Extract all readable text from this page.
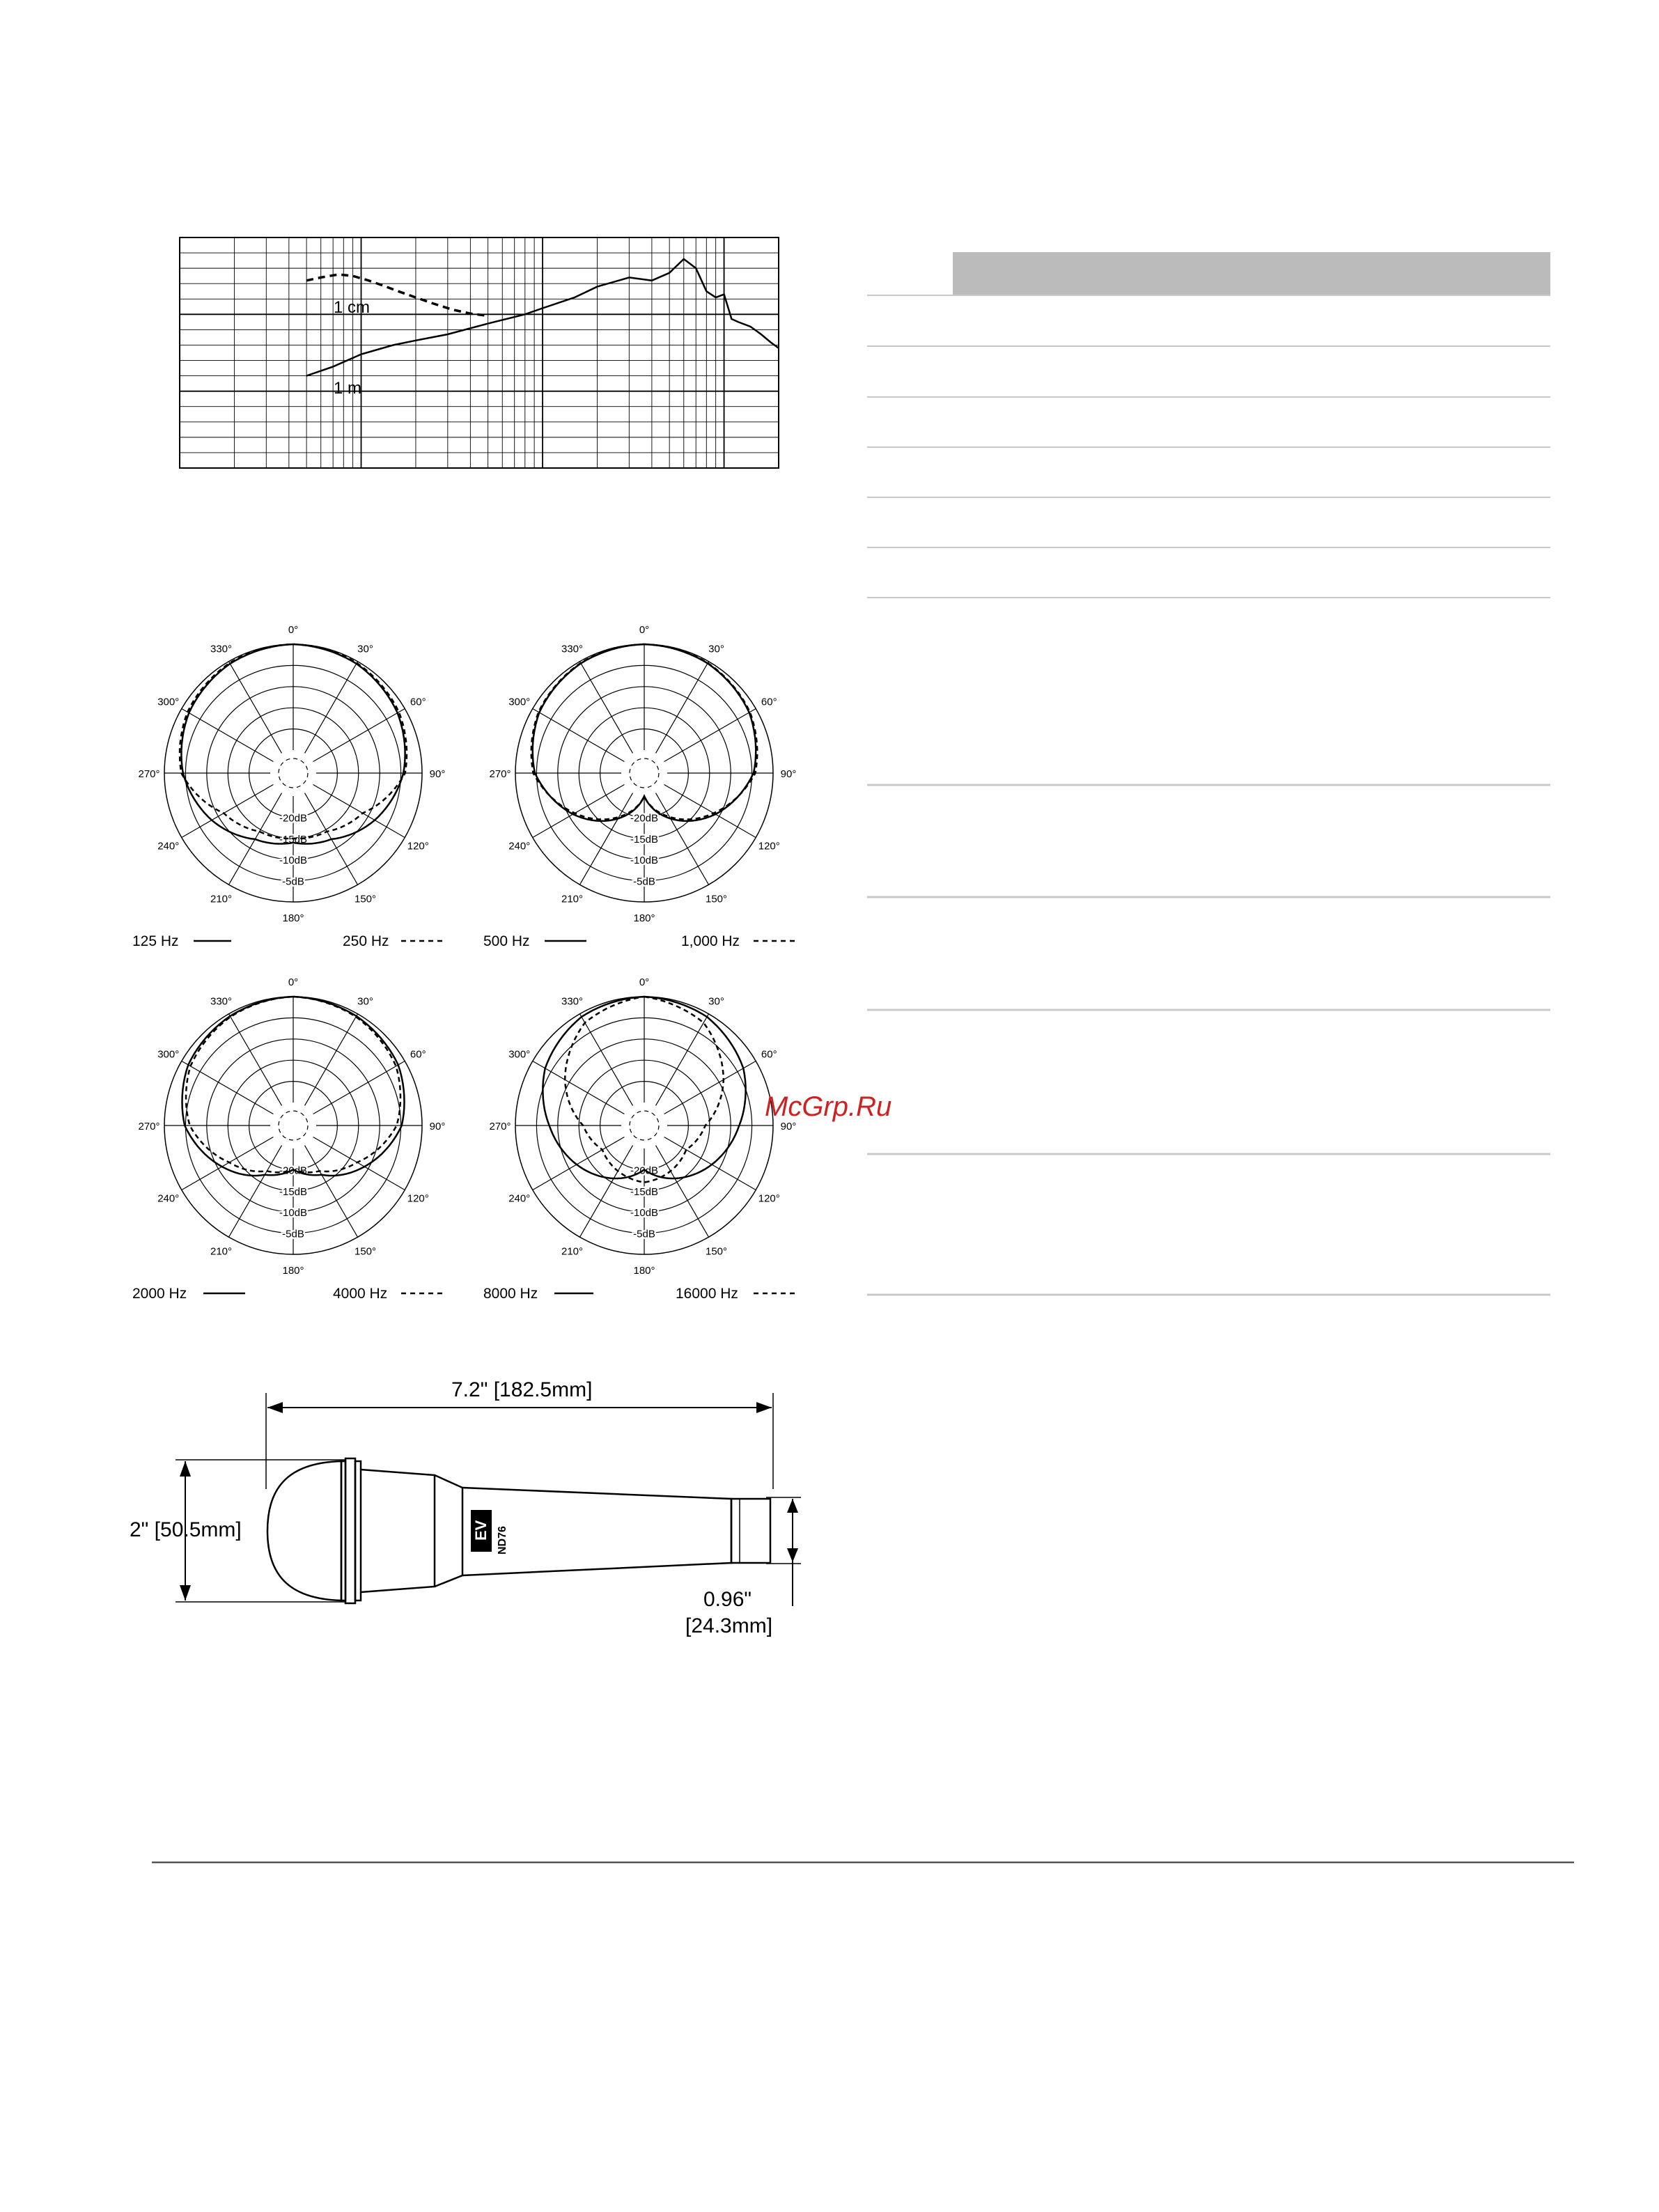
1 cm
1 m
0°
30°
60°
90°
120°
150°
180°
210°
240°
270°
300°
330°
-20dB
-15dB
-10dB
-5dB
0°
30°
60°
90°
120°
150°
180°
210°
240°
270°
300°
330°
-20dB
-15dB
-10dB
-5dB
0°
30°
60°
90°
120°
150°
180°
210°
240°
270°
300°
330°
-20dB
-15dB
-10dB
-5dB
0°
30°
60°
90°
120°
150°
180°
210°
240°
270°
300°
330°
-20dB
-15dB
-10dB
-5dB
125 Hz	250 Hz	500 Hz	1,000 Hz
2000 Hz	4000 Hz	8000 Hz	16000 Hz
McGrp.Ru
EV ND76
7.2" [182.5mm]
2" [50.5mm]
0.96"
[24.3mm]
